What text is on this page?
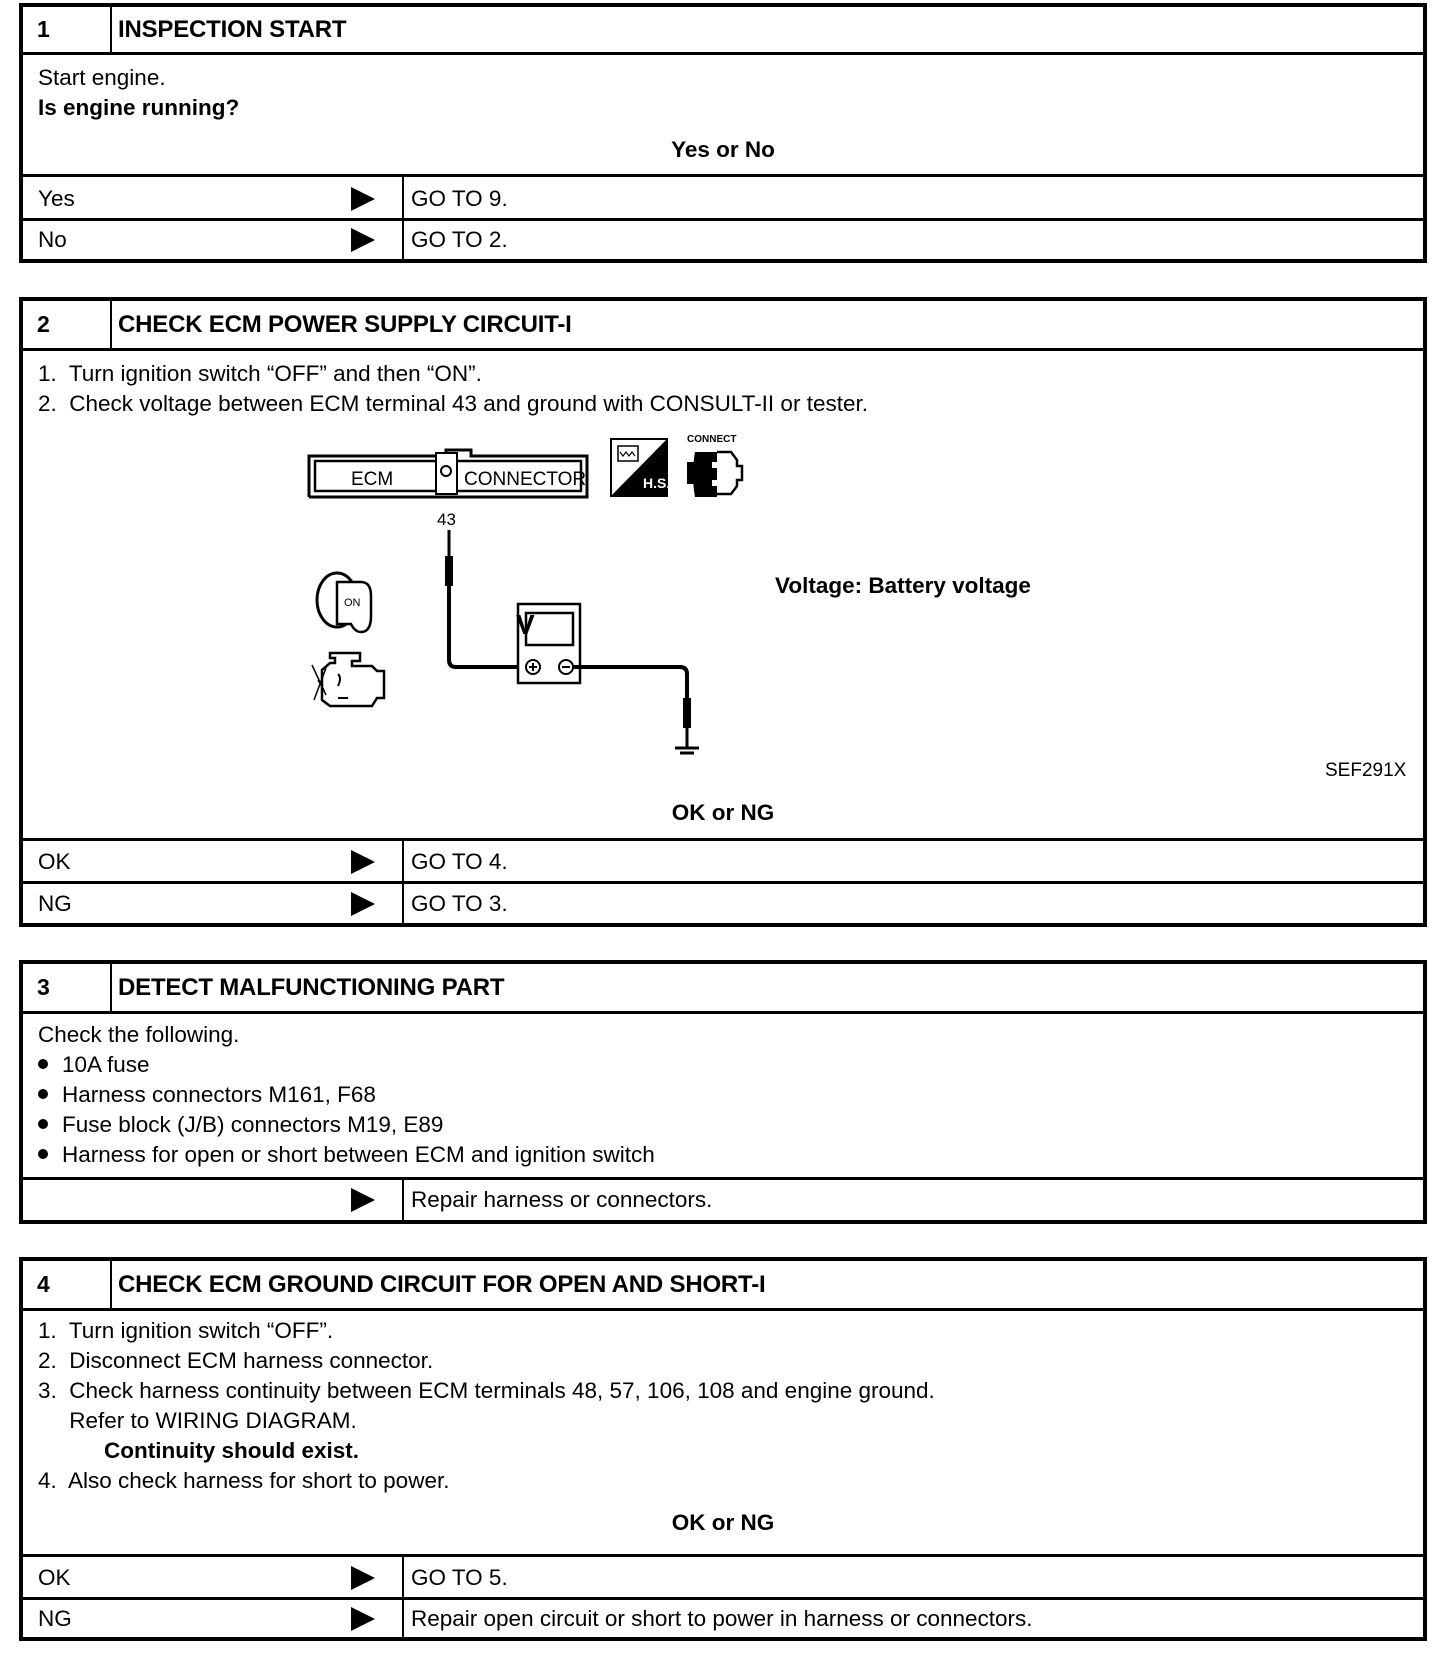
1	INSPECTION START
Start engine.
Is engine running?
Yes or No
Yes	GO TO 9.
No	GO TO 2.
2	CHECK ECM POWER SUPPLY CIRCUIT-I
1.  Turn ignition switch “OFF” and then “ON”.
2.  Check voltage between ECM terminal 43 and ground with CONSULT-II or tester.
ECM	CONNECTOR
43
H.S.
CONNECT
ON
V
Voltage: Battery voltage
SEF291X
OK or NG
OK	GO TO 4.
NG	GO TO 3.
3	DETECT MALFUNCTIONING PART
Check the following.
10A fuse
Harness connectors M161, F68
Fuse block (J/B) connectors M19, E89
Harness for open or short between ECM and ignition switch
Repair harness or connectors.
4	CHECK ECM GROUND CIRCUIT FOR OPEN AND SHORT-I
1.  Turn ignition switch “OFF”.
2.  Disconnect ECM harness connector.
3.  Check harness continuity between ECM terminals 48, 57, 106, 108 and engine ground.
Refer to WIRING DIAGRAM.
Continuity should exist.
4.  Also check harness for short to power.
OK or NG
OK	GO TO 5.
NG	Repair open circuit or short to power in harness or connectors.
